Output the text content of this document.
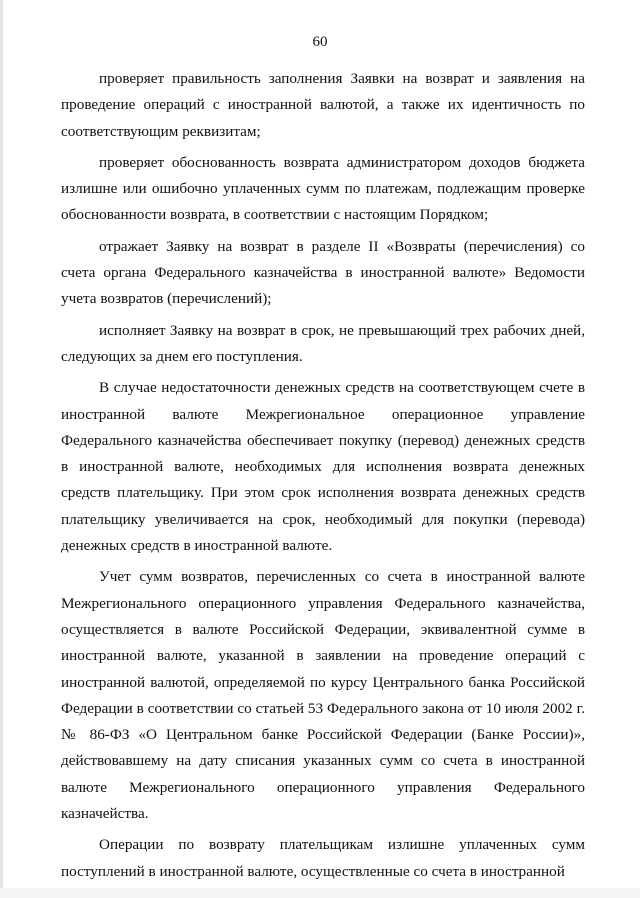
60

проверяет правильность заполнения Заявки на возврат и заявления на проведение операций с иностранной валютой, а также их идентичность по соответствующим реквизитам;

проверяет обоснованность возврата администратором доходов бюджета излишне или ошибочно уплаченных сумм по платежам, подлежащим проверке обоснованности возврата, в соответствии с настоящим Порядком;

отражает Заявку на возврат в разделе II «Возвраты (перечисления) со счета органа Федерального казначейства в иностранной валюте» Ведомости учета возвратов (перечислений);

исполняет Заявку на возврат в срок, не превышающий трех рабочих дней, следующих за днем его поступления.

В случае недостаточности денежных средств на соответствующем счете в иностранной валюте Межрегиональное операционное управление Федерального казначейства обеспечивает покупку (перевод) денежных средств в иностранной валюте, необходимых для исполнения возврата денежных средств плательщику. При этом срок исполнения возврата денежных средств плательщику увеличивается на срок, необходимый для покупки (перевода) денежных средств в иностранной валюте.

Учет сумм возвратов, перечисленных со счета в иностранной валюте Межрегионального операционного управления Федерального казначейства, осуществляется в валюте Российской Федерации, эквивалентной сумме в иностранной валюте, указанной в заявлении на проведение операций с иностранной валютой, определяемой по курсу Центрального банка Российской Федерации в соответствии со статьей 53 Федерального закона от 10 июля 2002 г. № 86-ФЗ «О Центральном банке Российской Федерации (Банке России)», действовавшему на дату списания указанных сумм со счета в иностранной валюте Межрегионального операционного управления Федерального казначейства.

Операции по возврату плательщикам излишне уплаченных сумм поступлений в иностранной валюте, осуществленные со счета в иностранной
